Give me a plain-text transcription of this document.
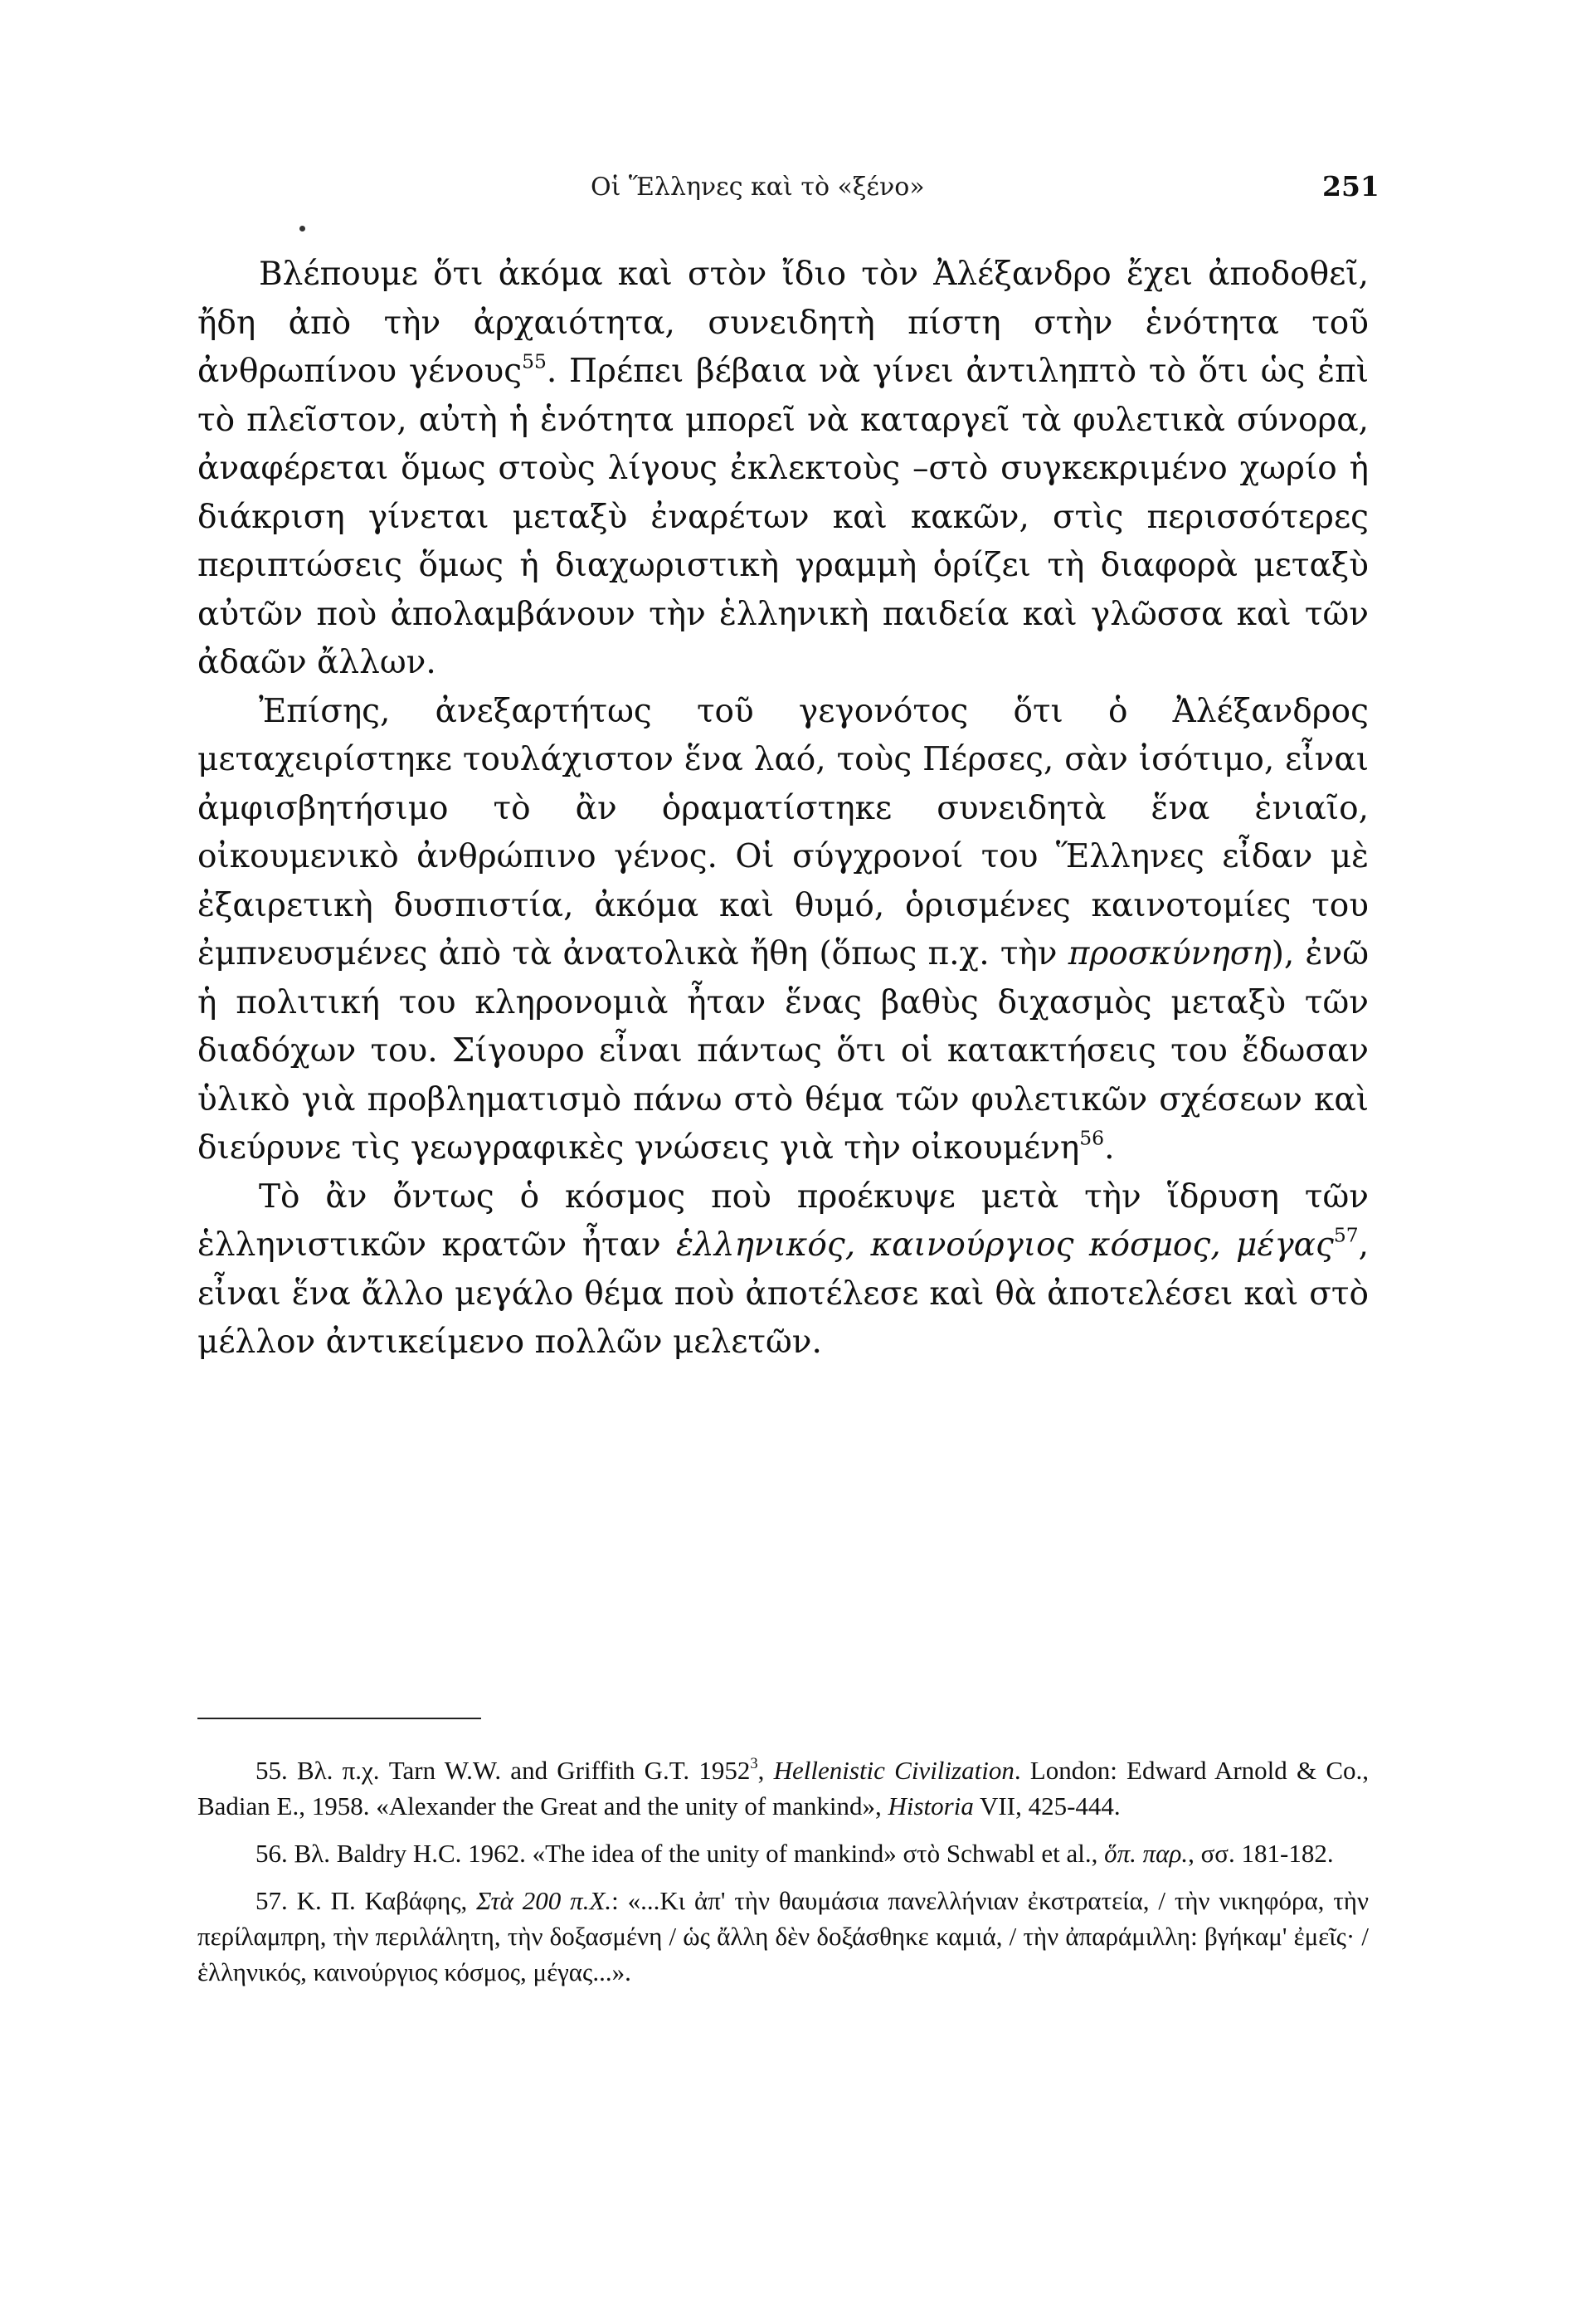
Οἱ Ἕλληνες καὶ τὸ «ξένο»	251

Βλέπουμε ὅτι ἀκόμα καὶ στὸν ἴδιο τὸν Ἀλέξανδρο ἔχει ἀποδοθεῖ, ἤδη ἀπὸ τὴν ἀρχαιότητα, συνειδητὴ πίστη στὴν ἑνότητα τοῦ ἀνθρωπίνου γένους$^{55}$. Πρέπει βέβαια νὰ γίνει ἀντιληπτὸ τὸ ὅτι ὡς ἐπὶ τὸ πλεῖστον, αὐτὴ ἡ ἑνότητα μπορεῖ νὰ καταργεῖ τὰ φυλετικὰ σύνορα, ἀναφέρεται ὅμως στοὺς λίγους ἐκλεκτοὺς –στὸ συγκεκριμένο χωρίο ἡ διάκριση γίνεται μεταξὺ ἐναρέτων καὶ κακῶν, στὶς περισσότερες περιπτώσεις ὅμως ἡ διαχωριστικὴ γραμμὴ ὁρίζει τὴ διαφορὰ μεταξὺ αὐτῶν ποὺ ἀπολαμβάνουν τὴν ἑλληνικὴ παιδεία καὶ γλῶσσα καὶ τῶν ἀδαῶν ἄλλων.

Ἐπίσης, ἀνεξαρτήτως τοῦ γεγονότος ὅτι ὁ Ἀλέξανδρος μεταχειρίστηκε τουλάχιστον ἕνα λαό, τοὺς Πέρσες, σὰν ἰσότιμο, εἶναι ἀμφισβητήσιμο τὸ ἂν ὁραματίστηκε συνειδητὰ ἕνα ἑνιαῖο, οἰκουμενικὸ ἀνθρώπινο γένος. Οἱ σύγχρονοί του Ἕλληνες εἶδαν μὲ ἐξαιρετικὴ δυσπιστία, ἀκόμα καὶ θυμό, ὁρισμένες καινοτομίες του ἐμπνευσμένες ἀπὸ τὰ ἀνατολικὰ ἤθη (ὅπως π.χ. τὴν προσκύνηση), ἐνῶ ἡ πολιτική του κληρονομιὰ ἦταν ἕνας βαθὺς διχασμὸς μεταξὺ τῶν διαδόχων του. Σίγουρο εἶναι πάντως ὅτι οἱ κατακτήσεις του ἔδωσαν ὑλικὸ γιὰ προβληματισμὸ πάνω στὸ θέμα τῶν φυλετικῶν σχέσεων καὶ διεύρυνε τὶς γεωγραφικὲς γνώσεις γιὰ τὴν οἰκουμένη$^{56}$.

Τὸ ἂν ὄντως ὁ κόσμος ποὺ προέκυψε μετὰ τὴν ἵδρυση τῶν ἑλληνιστικῶν κρατῶν ἦταν ἑλληνικός, καινούργιος κόσμος, μέγας$^{57}$, εἶναι ἕνα ἄλλο μεγάλο θέμα ποὺ ἀποτέλεσε καὶ θὰ ἀποτελέσει καὶ στὸ μέλλον ἀντικείμενο πολλῶν μελετῶν.

55. Βλ. π.χ. Tarn W.W. and Griffith G.T. 1952$^3$, Hellenistic Civilization. London: Edward Arnold & Co., Badian E., 1958. «Alexander the Great and the unity of mankind», Historia VII, 425-444.

56. Βλ. Baldry H.C. 1962. «The idea of the unity of mankind» στὸ Schwabl et al., ὅπ. παρ., σσ. 181-182.

57. Κ. Π. Καβάφης, Στὰ 200 π.Χ.: «...Κι ἀπ' τὴν θαυμάσια πανελλήνιαν ἐκστρατεία, / τὴν νικηφόρα, τὴν περίλαμπρη, τὴν περιλάλητη, τὴν δοξασμένη / ὡς ἄλλη δὲν δοξάσθηκε καμιά, / τὴν ἀπαράμιλλη: βγήκαμ' ἐμεῖς· / ἑλληνικός, καινούργιος κόσμος, μέγας...».
